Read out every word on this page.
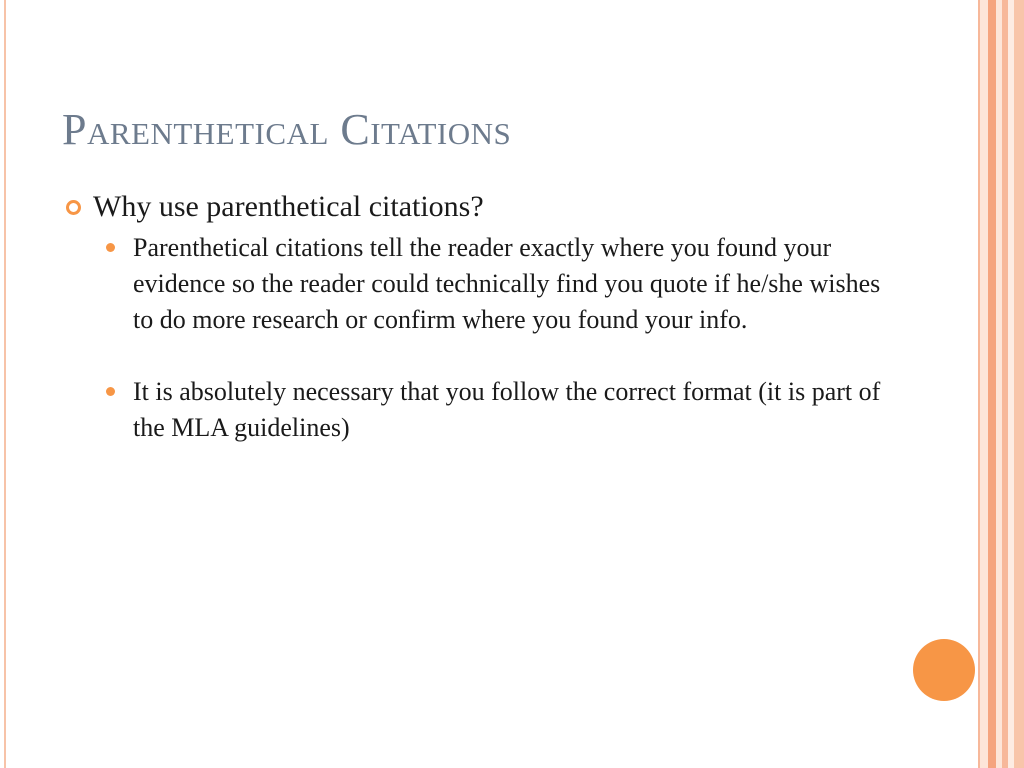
Parenthetical Citations

Why use parenthetical citations?

Parenthetical citations tell the reader exactly where you found your evidence so the reader could technically find you quote if he/she wishes to do more research or confirm where you found your info.
It is absolutely necessary that you follow the correct format (it is part of the MLA guidelines)
